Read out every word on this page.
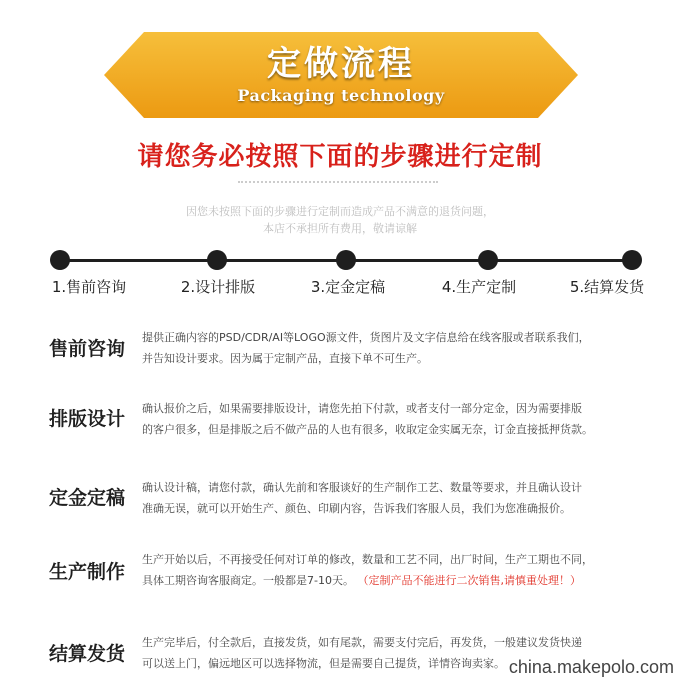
定做流程
Packaging technology
请您务必按照下面的步骤进行定制
因您未按照下面的步骤进行定制而造成产品不满意的退货问题，
本店不承担所有费用，敬请谅解
1.售前咨询	2.设计排版	3.定金定稿	4.生产定制	5.结算发货
售前咨询
提供正确内容的PSD/CDR/AI等LOGO源文件，货图片及文字信息给在线客服或者联系我们，
并告知设计要求。因为属于定制产品，直接下单不可生产。
排版设计	确认报价之后，如果需要排版设计，请您先拍下付款，或者支付一部分定金，因为需要排版
的客户很多，但是排版之后不做产品的人也有很多，收取定金实属无奈，订金直接抵押货款。
定金定稿	确认设计稿，请您付款，确认先前和客服谈好的生产制作工艺、数量等要求，并且确认设计
准确无误，就可以开始生产、颜色、印刷内容，告诉我们客服人员，我们为您准确报价。
生产制作
生产开始以后，不再接受任何对订单的修改，数量和工艺不同，出厂时间，生产工期也不同，
具体工期咨询客服商定。一般都是7-10天。 （定制产品不能进行二次销售,请慎重处理！）
结算发货
生产完毕后，付全款后，直接发货，如有尾款，需要支付完后，再发货，一般建议发货快递
可以送上门，偏远地区可以选择物流，但是需要自己提货，详情咨询卖家。 china.makepolo.com
